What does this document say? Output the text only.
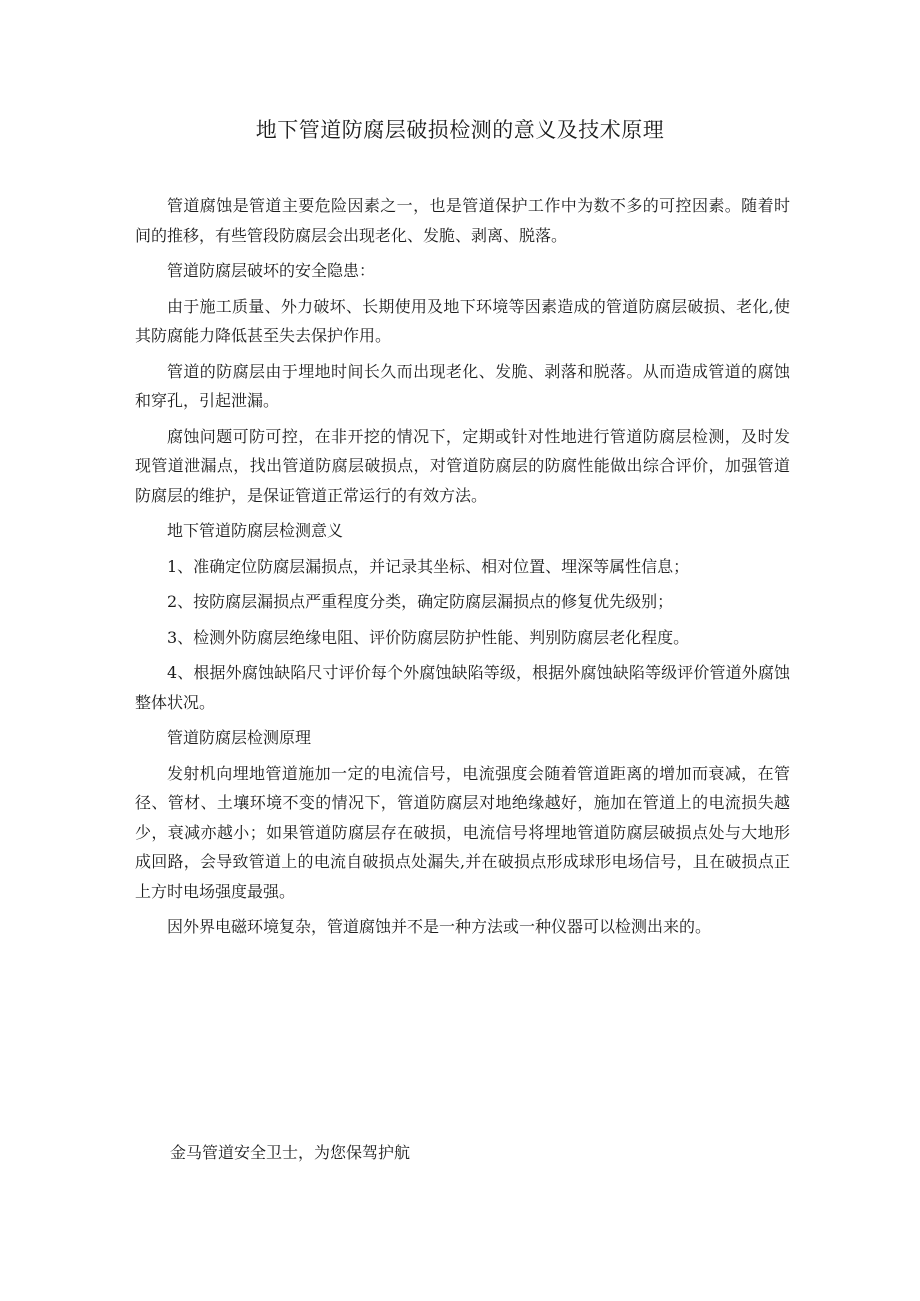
地下管道防腐层破损检测的意义及技术原理

管道腐蚀是管道主要危险因素之一，也是管道保护工作中为数不多的可控因素。随着时间的推移，有些管段防腐层会出现老化、发脆、剥离、脱落。

管道防腐层破坏的安全隐患：

由于施工质量、外力破坏、长期使用及地下环境等因素造成的管道防腐层破损、老化,使其防腐能力降低甚至失去保护作用。

管道的防腐层由于埋地时间长久而出现老化、发脆、剥落和脱落。从而造成管道的腐蚀和穿孔，引起泄漏。

腐蚀问题可防可控，在非开挖的情况下，定期或针对性地进行管道防腐层检测，及时发现管道泄漏点，找出管道防腐层破损点，对管道防腐层的防腐性能做出综合评价，加强管道防腐层的维护，是保证管道正常运行的有效方法。

地下管道防腐层检测意义

1、准确定位防腐层漏损点，并记录其坐标、相对位置、埋深等属性信息；

2、按防腐层漏损点严重程度分类，确定防腐层漏损点的修复优先级别；

3、检测外防腐层绝缘电阻、评价防腐层防护性能、判别防腐层老化程度。

4、根据外腐蚀缺陷尺寸评价每个外腐蚀缺陷等级，根据外腐蚀缺陷等级评价管道外腐蚀整体状况。

管道防腐层检测原理

发射机向埋地管道施加一定的电流信号，电流强度会随着管道距离的增加而衰减，在管径、管材、土壤环境不变的情况下，管道防腐层对地绝缘越好，施加在管道上的电流损失越少，衰减亦越小；如果管道防腐层存在破损，电流信号将埋地管道防腐层破损点处与大地形成回路，会导致管道上的电流自破损点处漏失,并在破损点形成球形电场信号，且在破损点正上方时电场强度最强。

因外界电磁环境复杂，管道腐蚀并不是一种方法或一种仪器可以检测出来的。

金马管道安全卫士，为您保驾护航
